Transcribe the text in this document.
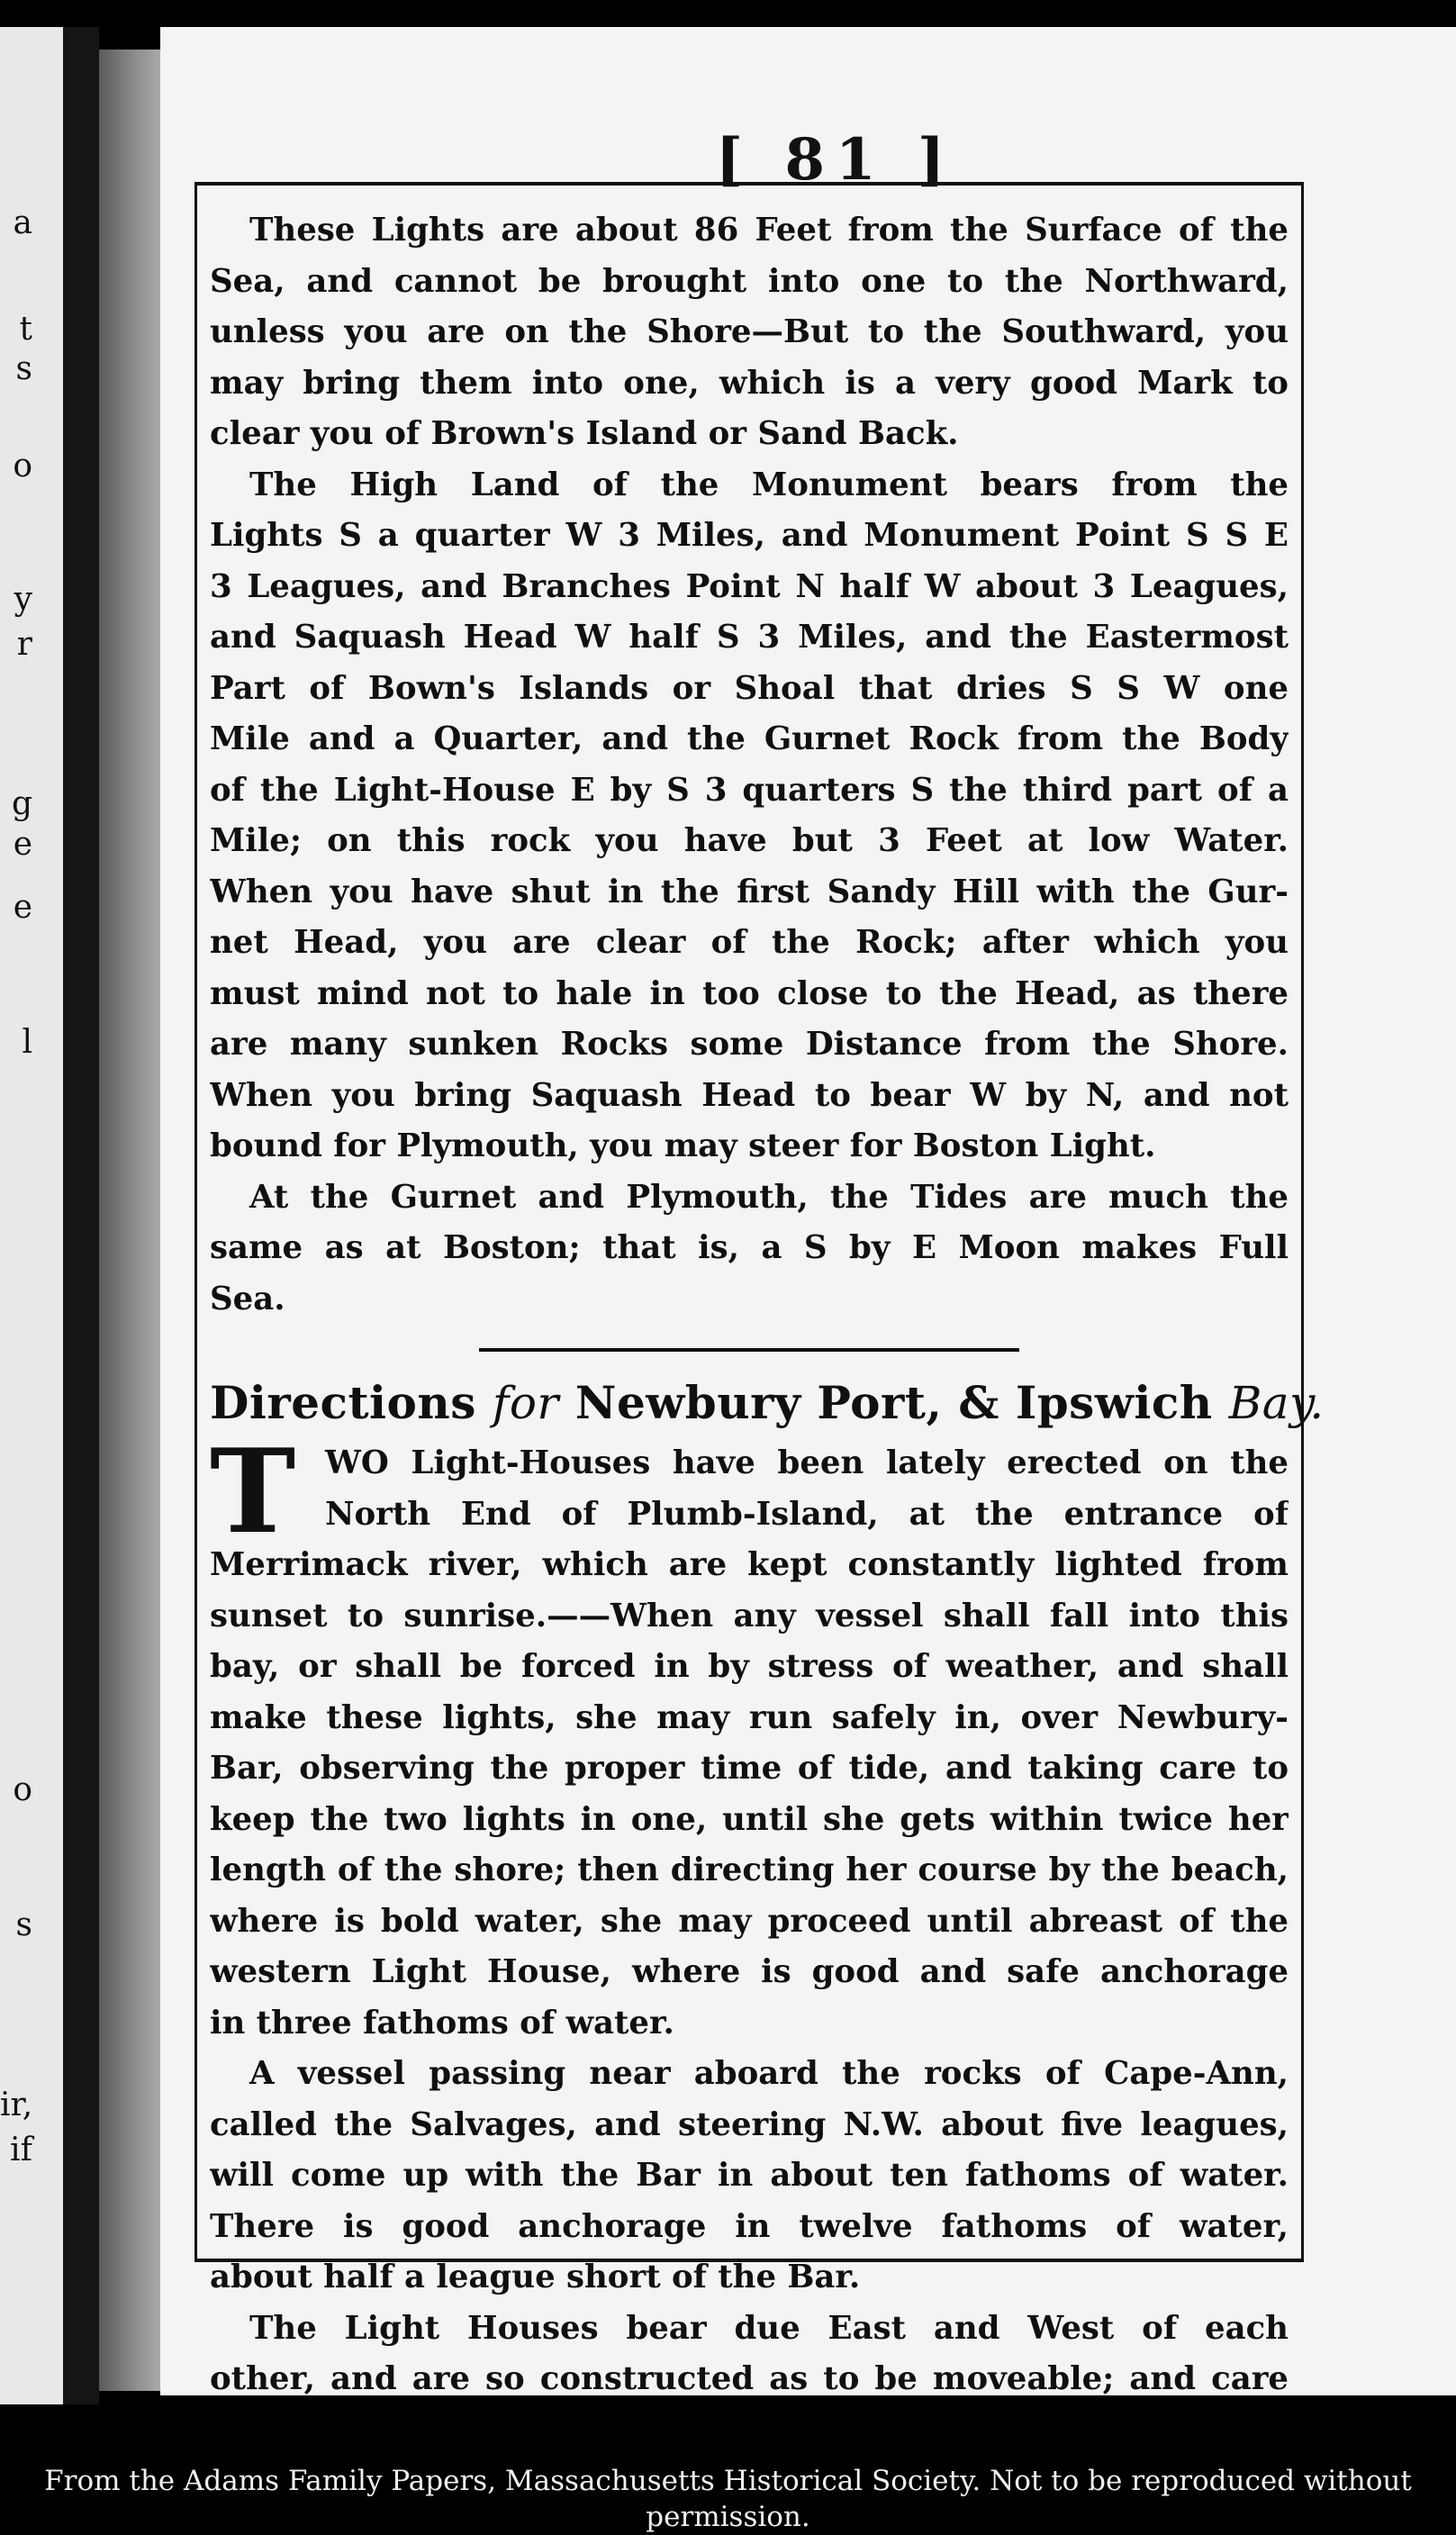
a
t
s
o
y
r
g
e
e
l
o
s
ir,
if
[ 81 ]

These Lights are about 86 Feet from the Surface of the
Sea, and cannot be brought into one to the Northward,
unless you are on the Shore—But to the Southward, you
may bring them into one, which is a very good Mark to
clear you of Brown's Island or Sand Back.

The High Land of the Monument bears from the
Lights S a quarter W 3 Miles, and Monument Point S S E
3 Leagues, and Branches Point N half W about 3 Leagues,
and Saquash Head W half S 3 Miles, and the Eastermost
Part of Bown's Islands or Shoal that dries S S W one
Mile and a Quarter, and the Gurnet Rock from the Body
of the Light-House E by S 3 quarters S the third part of a
Mile; on this rock you have but 3 Feet at low Water.
When you have shut in the first Sandy Hill with the Gur-
net Head, you are clear of the Rock; after which you
must mind not to hale in too close to the Head, as there
are many sunken Rocks some Distance from the Shore.
When you bring Saquash Head to bear W by N, and not
bound for Plymouth, you may steer for Boston Light.

At the Gurnet and Plymouth, the Tides are much the
same as at Boston; that is, a S by E Moon makes Full
Sea.

Directions for Newbury Port, & Ipswich Bay.

T WO Light-Houses have been lately erected on the
North End of Plumb-Island, at the entrance of
Merrimack river, which are kept constantly lighted from
sunset to sunrise.——When any vessel shall fall into this
bay, or shall be forced in by stress of weather, and shall
make these lights, she may run safely in, over Newbury-
Bar, observing the proper time of tide, and taking care to
keep the two lights in one, until she gets within twice her
length of the shore; then directing her course by the beach,
where is bold water, she may proceed until abreast of the
western Light House, where is good and safe anchorage
in three fathoms of water.

A vessel passing near aboard the rocks of Cape-Ann,
called the Salvages, and steering N.W. about five leagues,
will come up with the Bar in about ten fathoms of water.
There is good anchorage in twelve fathoms of water,
about half a league short of the Bar.

The Light Houses bear due East and West of each
other, and are so constructed as to be moveable; and care

From the Adams Family Papers, Massachusetts Historical Society. Not to be reproduced without permission.
